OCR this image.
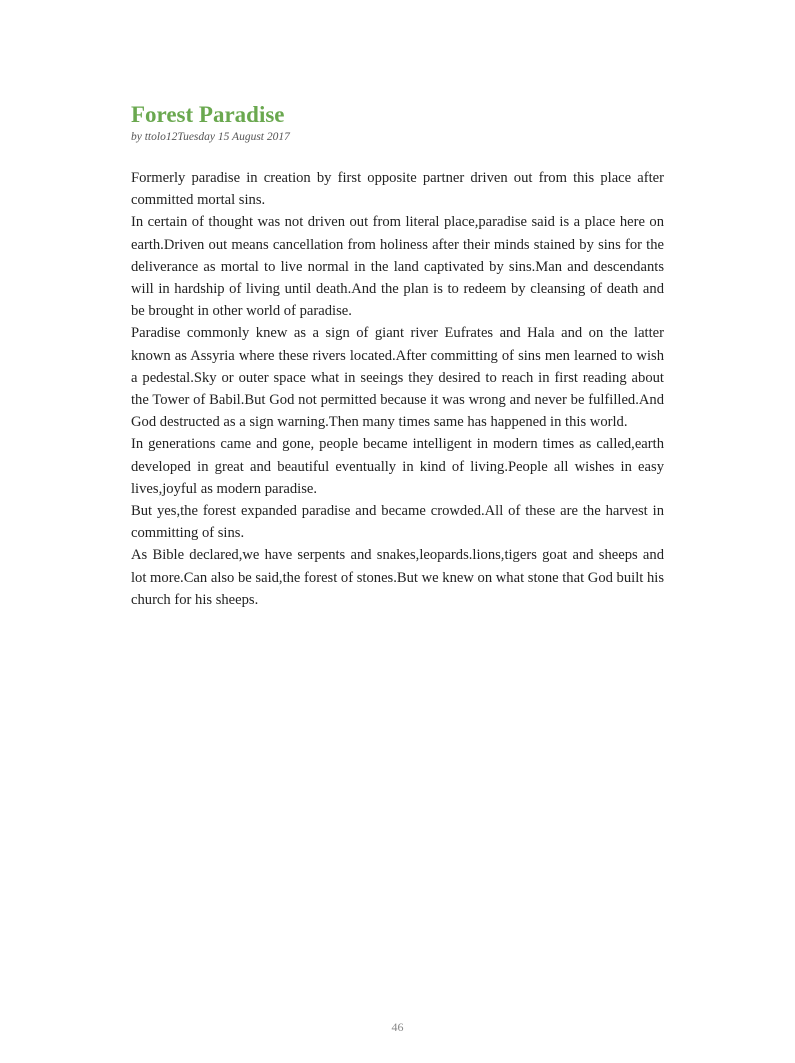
Forest Paradise
by ttolo12Tuesday 15 August 2017

Formerly paradise in creation by first opposite partner driven out from this place after committed mortal sins.

In certain of thought was not driven out from literal place,paradise said is a place here on earth.Driven out means cancellation from holiness after their minds stained by sins for the deliverance as mortal to live normal in the land captivated by sins.Man and descendants will in hardship of living until death.And the plan is to redeem by cleansing of death and be brought in other world of paradise.

Paradise commonly knew as a sign of giant river Eufrates and Hala and on the latter known as Assyria where these rivers located.After committing of sins men learned to wish a pedestal.Sky or outer space what in seeings they desired to reach in first reading about the Tower of Babil.But God not permitted because it was wrong and never be fulfilled.And God destructed as a sign warning.Then many times same has happened in this world.

In generations came and gone, people became intelligent in modern times as called,earth developed in great and beautiful eventually in kind of living.People all wishes in easy lives,joyful as modern paradise.

But yes,the forest expanded paradise and became crowded.All of these are the harvest in committing of sins.

As Bible declared,we have serpents and snakes,leopards.lions,tigers goat and sheeps and lot more.Can also be said,the forest of stones.But we knew on what stone that God built his church for his sheeps.

46
